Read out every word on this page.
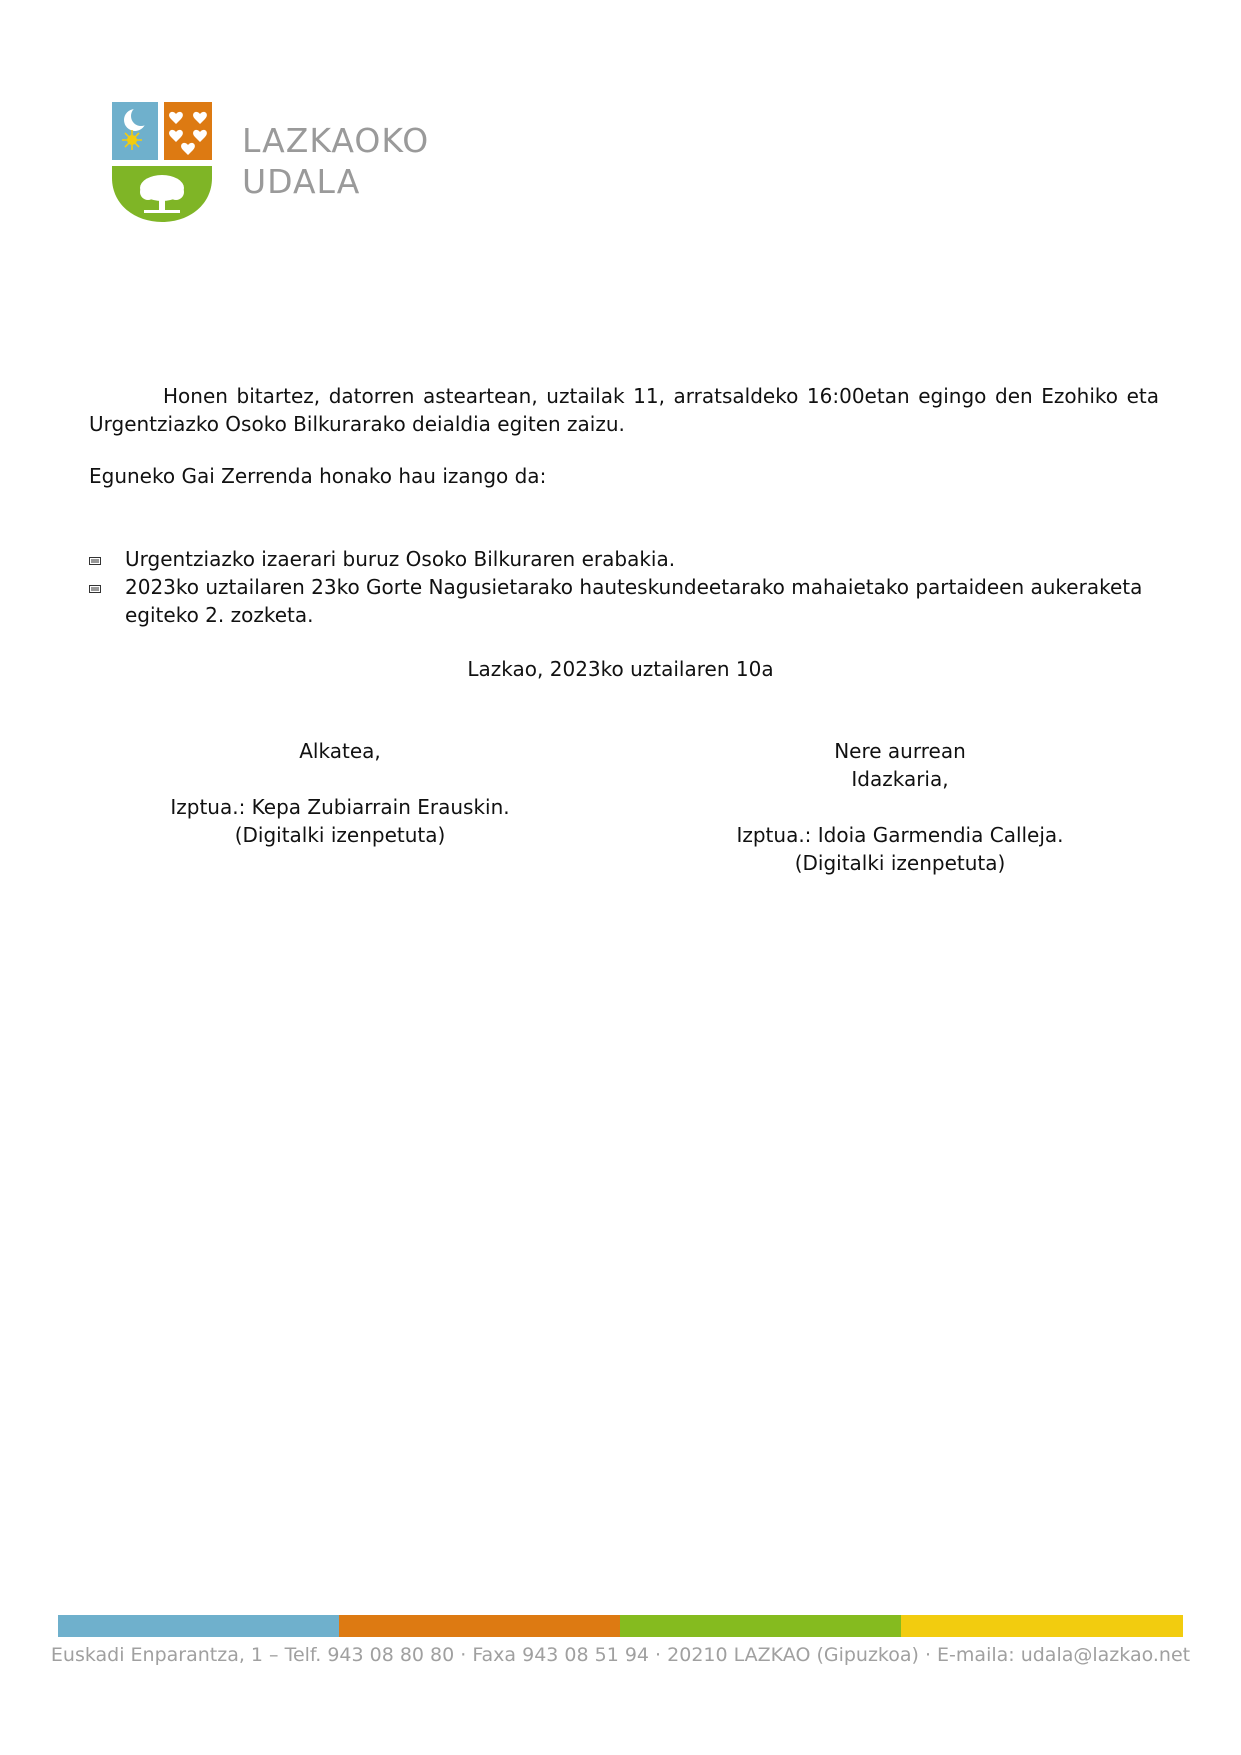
LAZKAOKO
UDALA
Honen bitartez, datorren asteartean, uztailak 11, arratsaldeko 16:00etan egingo den Ezohiko eta Urgentziazko Osoko Bilkurarako deialdia egiten zaizu.
Eguneko Gai Zerrenda honako hau izango da:
Urgentziazko izaerari buruz Osoko Bilkuraren erabakia.
2023ko uztailaren 23ko Gorte Nagusietarako hauteskundeetarako mahaietako partaideen aukeraketa egiteko 2. zozketa.
Lazkao, 2023ko uztailaren 10a
Alkatea,
Izptua.: Kepa Zubiarrain Erauskin.
(Digitalki izenpetuta)
Nere aurrean
Idazkaria,
Izptua.: Idoia Garmendia Calleja.
(Digitalki izenpetuta)
Euskadi Enparantza, 1 – Telf. 943 08 80 80 · Faxa 943 08 51 94 · 20210 LAZKAO (Gipuzkoa) · E-maila: udala@lazkao.net
